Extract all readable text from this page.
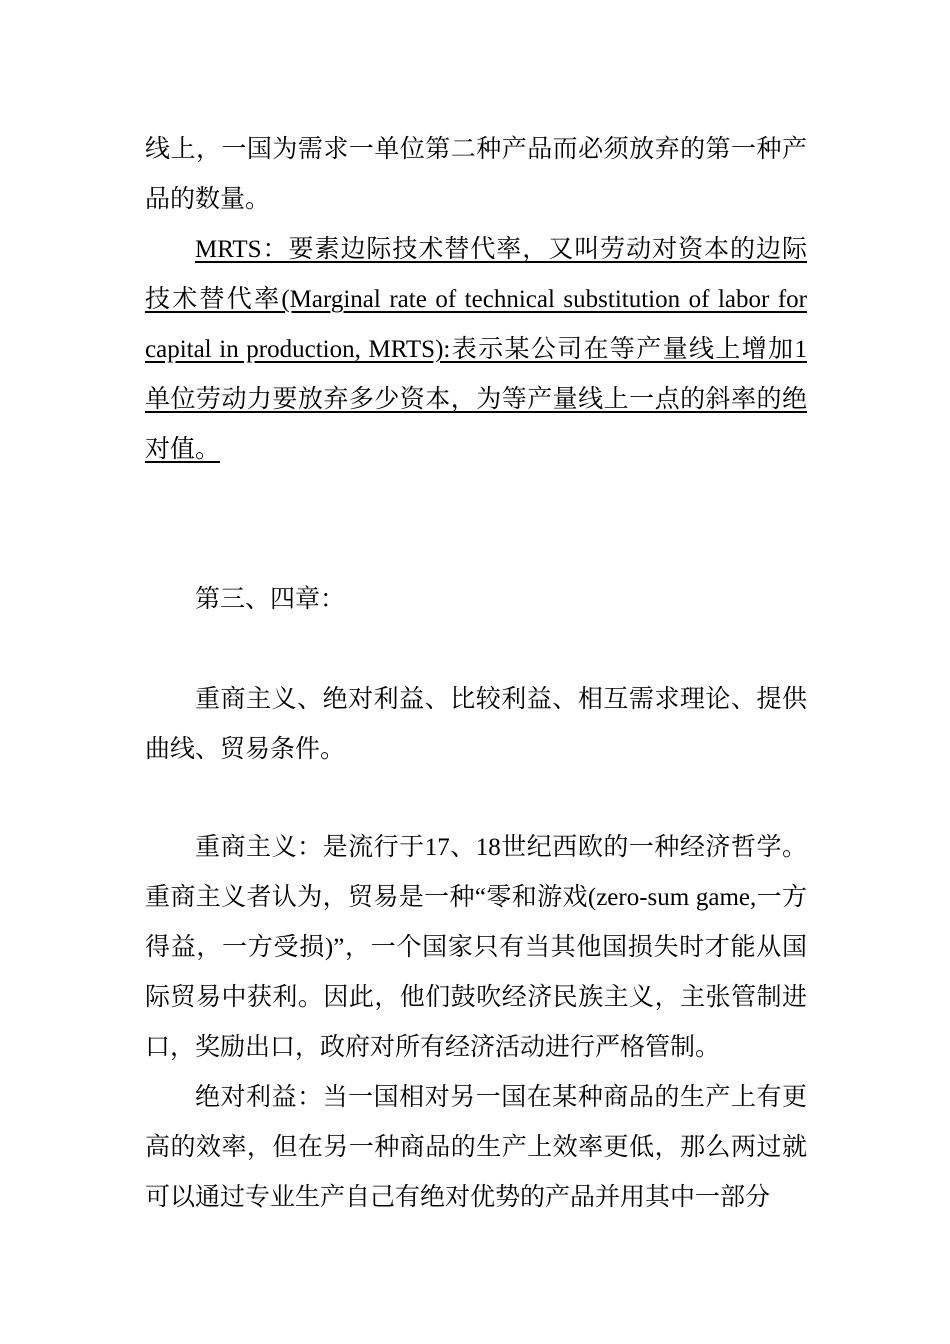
线上，一国为需求一单位第二种产品而必须放弃的第一种产品的数量。

MRTS：要素边际技术替代率，又叫劳动对资本的边际技术替代率(Marginal rate of technical substitution of labor for capital in production, MRTS):表示某公司在等产量线上增加1单位劳动力要放弃多少资本，为等产量线上一点的斜率的绝对值。

第三、四章：

重商主义、绝对利益、比较利益、相互需求理论、提供曲线、贸易条件。

重商主义：是流行于17、18世纪西欧的一种经济哲学。重商主义者认为，贸易是一种“零和游戏(zero-sum game,一方得益，一方受损)”，一个国家只有当其他国损失时才能从国际贸易中获利。因此，他们鼓吹经济民族主义，主张管制进口，奖励出口，政府对所有经济活动进行严格管制。

绝对利益：当一国相对另一国在某种商品的生产上有更高的效率，但在另一种商品的生产上效率更低，那么两过就可以通过专业生产自己有绝对优势的产品并用其中一部分
